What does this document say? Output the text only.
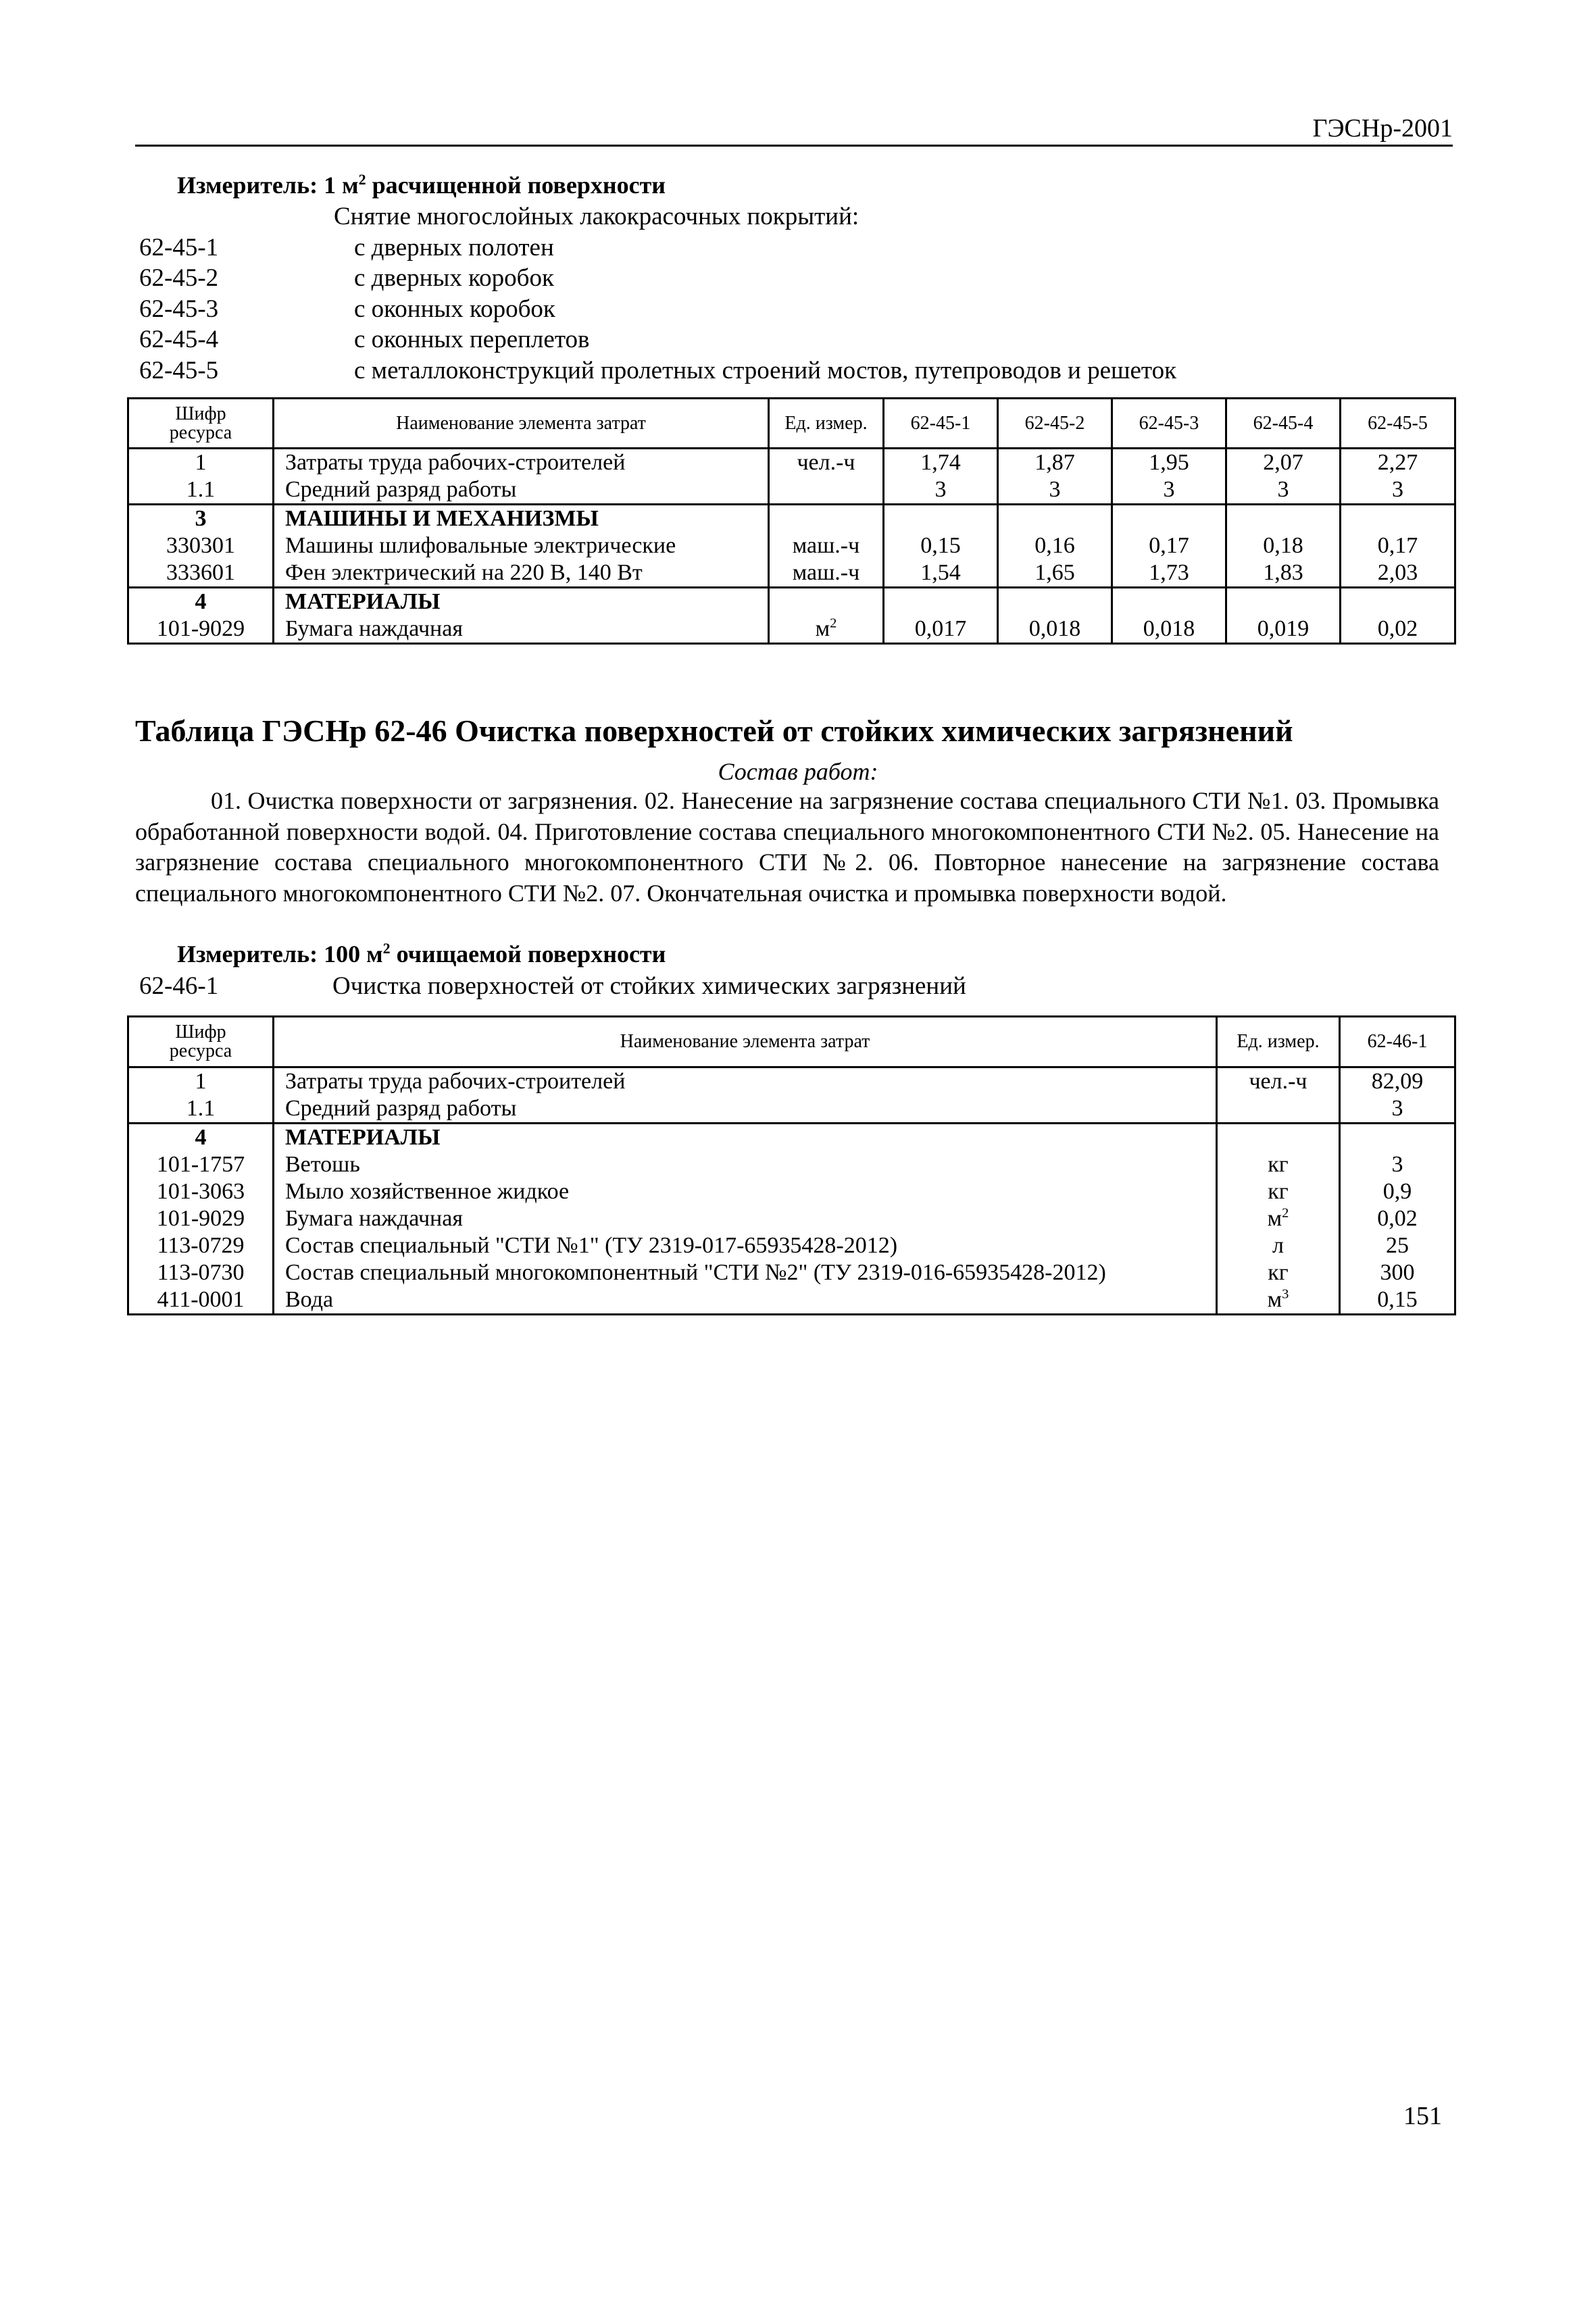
ГЭСНр-2001
Измеритель: 1 $м^2$ расчищенной поверхности
Снятие многослойных лакокрасочных покрытий:
62-45-1	с дверных полотен
62-45-2	с дверных коробок
62-45-3	с оконных коробок
62-45-4	с оконных переплетов
62-45-5	с металлоконструкций пролетных строений мостов, путепроводов и решеток
Шифр ресурса	Наименование элемента затрат	Ед. измер.	62-45-1	62-45-2	62-45-3	62-45-4	62-45-5
1	Затраты труда рабочих-строителей	чел.-ч	1,74	1,87	1,95	2,07	2,27
1.1	Средний разряд работы		3	3	3	3	3
3	МАШИНЫ И МЕХАНИЗМЫ						
330301	Машины шлифовальные электрические	маш.-ч	0,15	0,16	0,17	0,18	0,17
333601	Фен электрический на 220 В, 140 Вт	маш.-ч	1,54	1,65	1,73	1,83	2,03
4	МАТЕРИАЛЫ						
101-9029	Бумага наждачная	$м^2$	0,017	0,018	0,018	0,019	0,02
Таблица ГЭСНр 62-46 Очистка поверхностей от стойких химических загрязнений
Состав работ:
01. Очистка поверхности от загрязнения. 02. Нанесение на загрязнение состава специального СТИ №1. 03. Промывка обработанной поверхности водой. 04. Приготовление состава специального многокомпонентного СТИ №2. 05. Нанесение на загрязнение состава специального многокомпонентного СТИ №2. 06. Повторное нанесение на загрязнение состава специального многокомпонентного СТИ №2. 07. Окончательная очистка и промывка поверхности водой.
Измеритель: 100 $м^2$ очищаемой поверхности
62-46-1	Очистка поверхностей от стойких химических загрязнений
Шифр ресурса	Наименование элемента затрат	Ед. измер.	62-46-1
1	Затраты труда рабочих-строителей	чел.-ч	82,09
1.1	Средний разряд работы		3
4	МАТЕРИАЛЫ		
101-1757	Ветошь	кг	3
101-3063	Мыло хозяйственное жидкое	кг	0,9
101-9029	Бумага наждачная	$м^2$	0,02
113-0729	Состав специальный "СТИ №1" (ТУ 2319-017-65935428-2012)	л	25
113-0730	Состав специальный многокомпонентный "СТИ №2" (ТУ 2319-016-65935428-2012)	кг	300
411-0001	Вода	$м^3$	0,15
151
